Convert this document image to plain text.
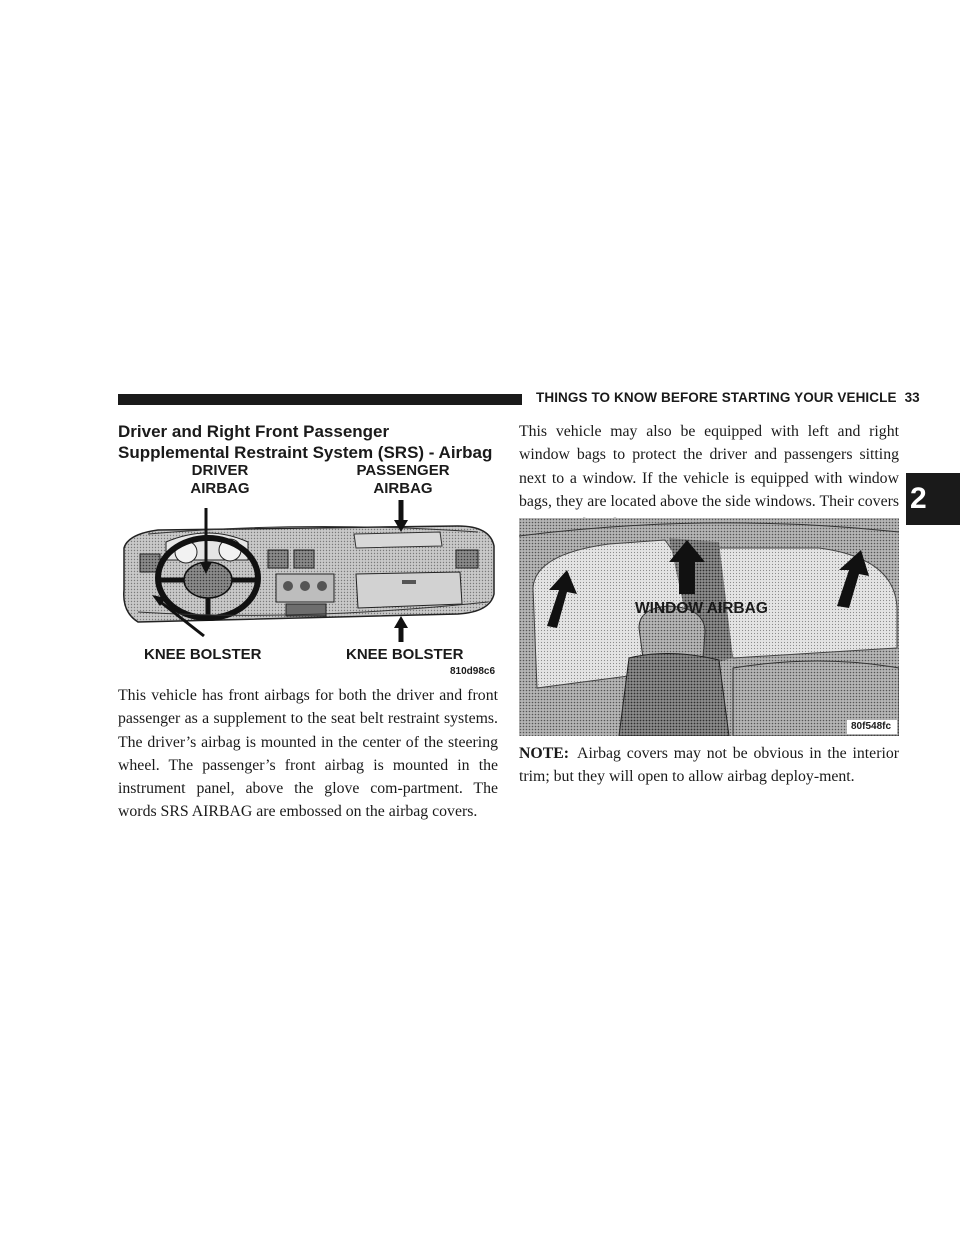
THINGS TO KNOW BEFORE STARTING YOUR VEHICLE 33
2
Driver and Right Front Passenger Supplemental Restraint System (SRS) - Airbag
DRIVER
AIRBAG
PASSENGER
AIRBAG
KNEE BOLSTER	KNEE BOLSTER
810d98c6

This vehicle has front airbags for both the driver and front passenger as a supplement to the seat belt restraint systems. The driver’s airbag is mounted in the center of the steering wheel. The passenger’s front airbag is mounted in the instrument panel, above the glove com-partment. The words SRS AIRBAG are embossed on the airbag covers.

This vehicle may also be equipped with left and right window bags to protect the driver and passengers sitting next to a window. If the vehicle is equipped with window bags, they are located above the side windows. Their covers

WINDOW AIRBAG
80f548fc

NOTE: Airbag covers may not be obvious in the interior trim; but they will open to allow airbag deploy-ment.
